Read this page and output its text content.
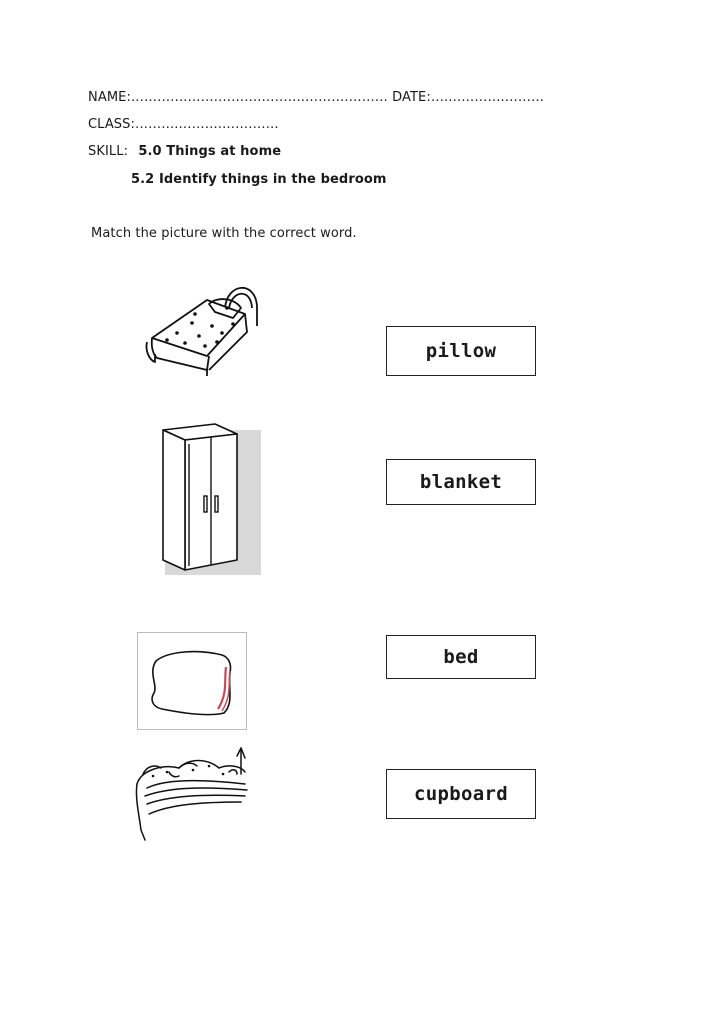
NAME:……….……….……….……….……….……… DATE:…….……….………
CLASS:……….……….……….…
SKILL: 5.0 Things at home
5.2 Identify things in the bedroom
Match the picture with the correct word.
pillow
blanket
bed
cupboard
